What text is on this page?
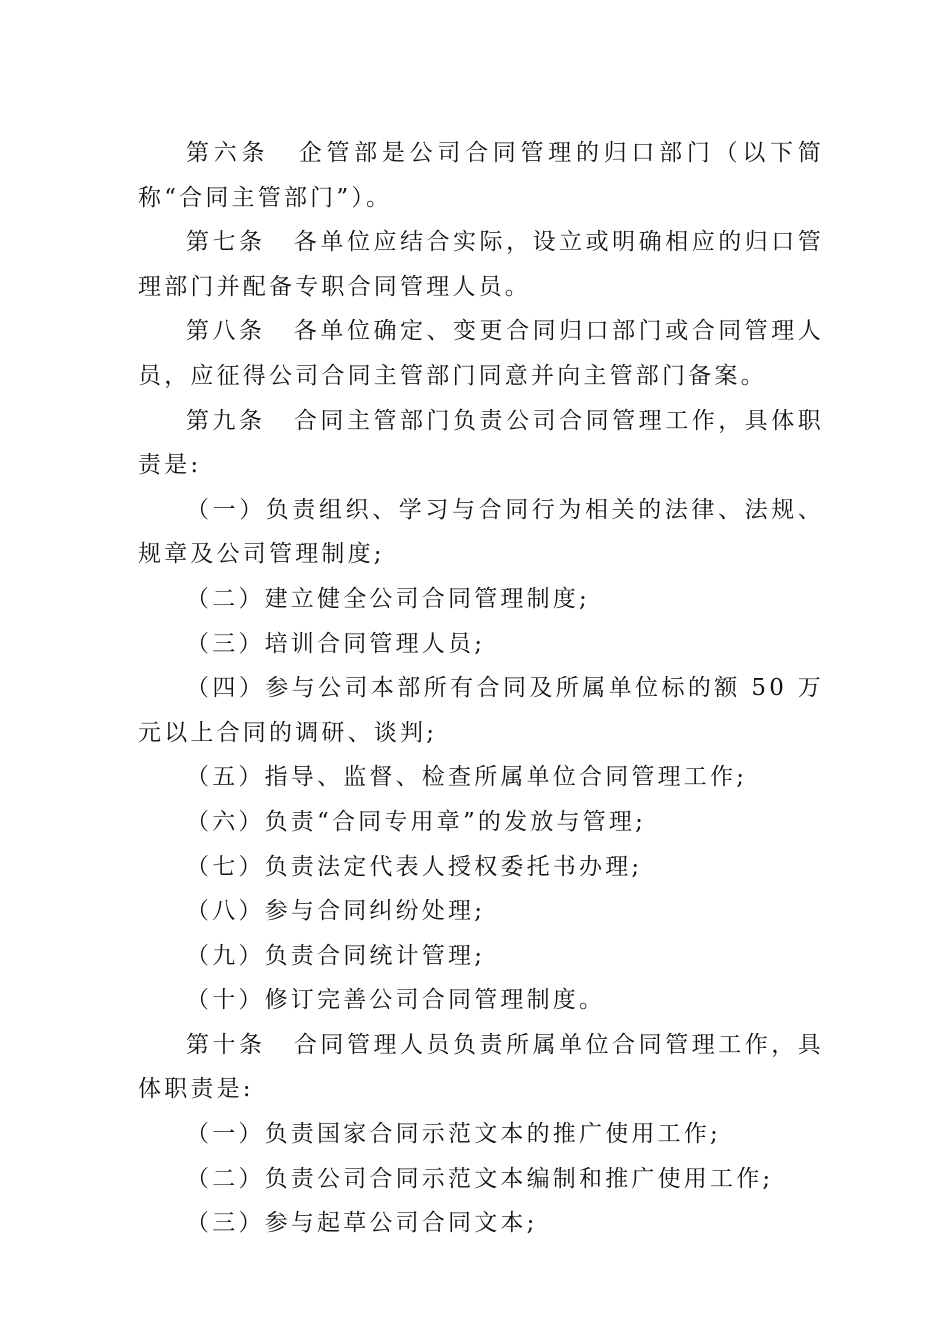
第六条 企管部是公司合同管理的归口部门（以下简称“合同主管部门”）。

第七条 各单位应结合实际，设立或明确相应的归口管理部门并配备专职合同管理人员。

第八条 各单位确定、变更合同归口部门或合同管理人员，应征得公司合同主管部门同意并向主管部门备案。

第九条 合同主管部门负责公司合同管理工作，具体职责是:

（一）负责组织、学习与合同行为相关的法律、法规、规章及公司管理制度;

（二）建立健全公司合同管理制度;

（三）培训合同管理人员;

（四）参与公司本部所有合同及所属单位标的额 50 万元以上合同的调研、谈判;

（五）指导、监督、检查所属单位合同管理工作;

（六）负责“合同专用章”的发放与管理;

（七）负责法定代表人授权委托书办理;

（八）参与合同纠纷处理;

（九）负责合同统计管理;

（十）修订完善公司合同管理制度。

第十条 合同管理人员负责所属单位合同管理工作，具体职责是:

（一）负责国家合同示范文本的推广使用工作;

（二）负责公司合同示范文本编制和推广使用工作;

（三）参与起草公司合同文本;
